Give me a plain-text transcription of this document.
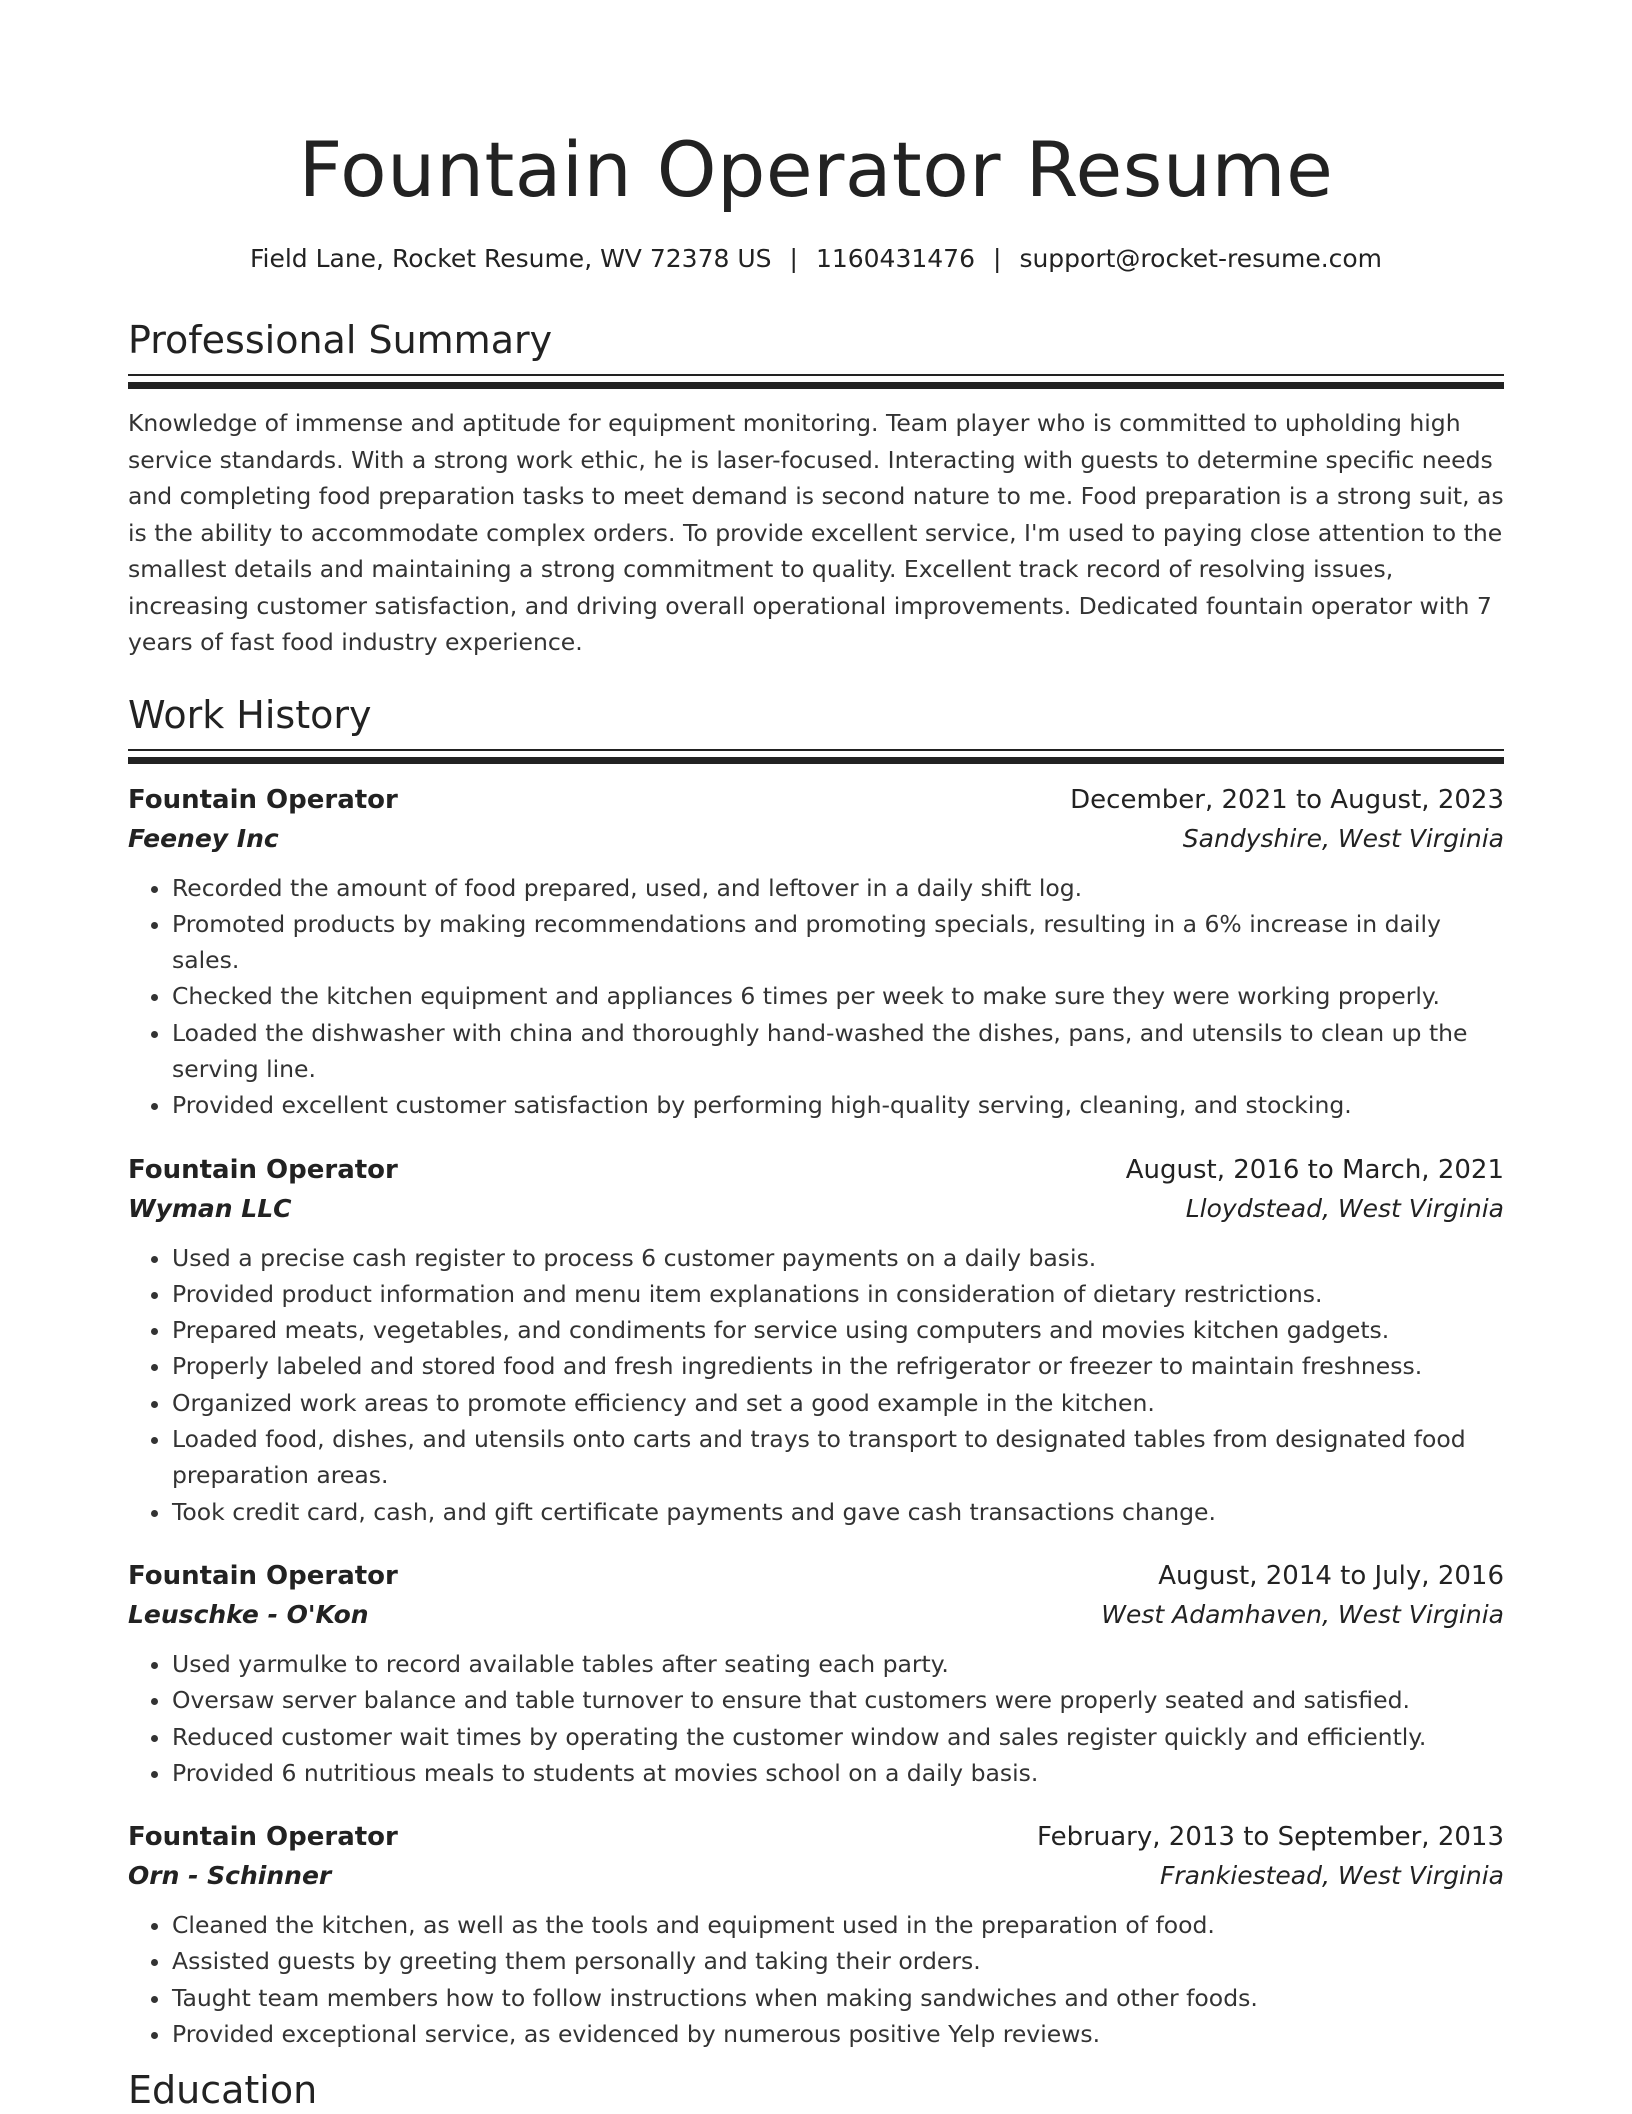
Fountain Operator Resume
Field Lane, Rocket Resume, WV 72378 US | 1160431476 | support@rocket-resume.com
Professional Summary
Knowledge of immense and aptitude for equipment monitoring. Team player who is committed to upholding high service standards. With a strong work ethic, he is laser-focused. Interacting with guests to determine specific needs and completing food preparation tasks to meet demand is second nature to me. Food preparation is a strong suit, as is the ability to accommodate complex orders. To provide excellent service, I'm used to paying close attention to the smallest details and maintaining a strong commitment to quality. Excellent track record of resolving issues, increasing customer satisfaction, and driving overall operational improvements. Dedicated fountain operator with 7 years of fast food industry experience.
Work History
Fountain Operator	December, 2021 to August, 2023
Feeney Inc	Sandyshire, West Virginia
• Recorded the amount of food prepared, used, and leftover in a daily shift log.
• Promoted products by making recommendations and promoting specials, resulting in a 6% increase in daily sales.
• Checked the kitchen equipment and appliances 6 times per week to make sure they were working properly.
• Loaded the dishwasher with china and thoroughly hand-washed the dishes, pans, and utensils to clean up the serving line.
• Provided excellent customer satisfaction by performing high-quality serving, cleaning, and stocking.
Fountain Operator	August, 2016 to March, 2021
Wyman LLC	Lloydstead, West Virginia
• Used a precise cash register to process 6 customer payments on a daily basis.
• Provided product information and menu item explanations in consideration of dietary restrictions.
• Prepared meats, vegetables, and condiments for service using computers and movies kitchen gadgets.
• Properly labeled and stored food and fresh ingredients in the refrigerator or freezer to maintain freshness.
• Organized work areas to promote efficiency and set a good example in the kitchen.
• Loaded food, dishes, and utensils onto carts and trays to transport to designated tables from designated food preparation areas.
• Took credit card, cash, and gift certificate payments and gave cash transactions change.
Fountain Operator	August, 2014 to July, 2016
Leuschke - O'Kon	West Adamhaven, West Virginia
• Used yarmulke to record available tables after seating each party.
• Oversaw server balance and table turnover to ensure that customers were properly seated and satisfied.
• Reduced customer wait times by operating the customer window and sales register quickly and efficiently.
• Provided 6 nutritious meals to students at movies school on a daily basis.
Fountain Operator	February, 2013 to September, 2013
Orn - Schinner	Frankiestead, West Virginia
• Cleaned the kitchen, as well as the tools and equipment used in the preparation of food.
• Assisted guests by greeting them personally and taking their orders.
• Taught team members how to follow instructions when making sandwiches and other foods.
• Provided exceptional service, as evidenced by numerous positive Yelp reviews.
Education
